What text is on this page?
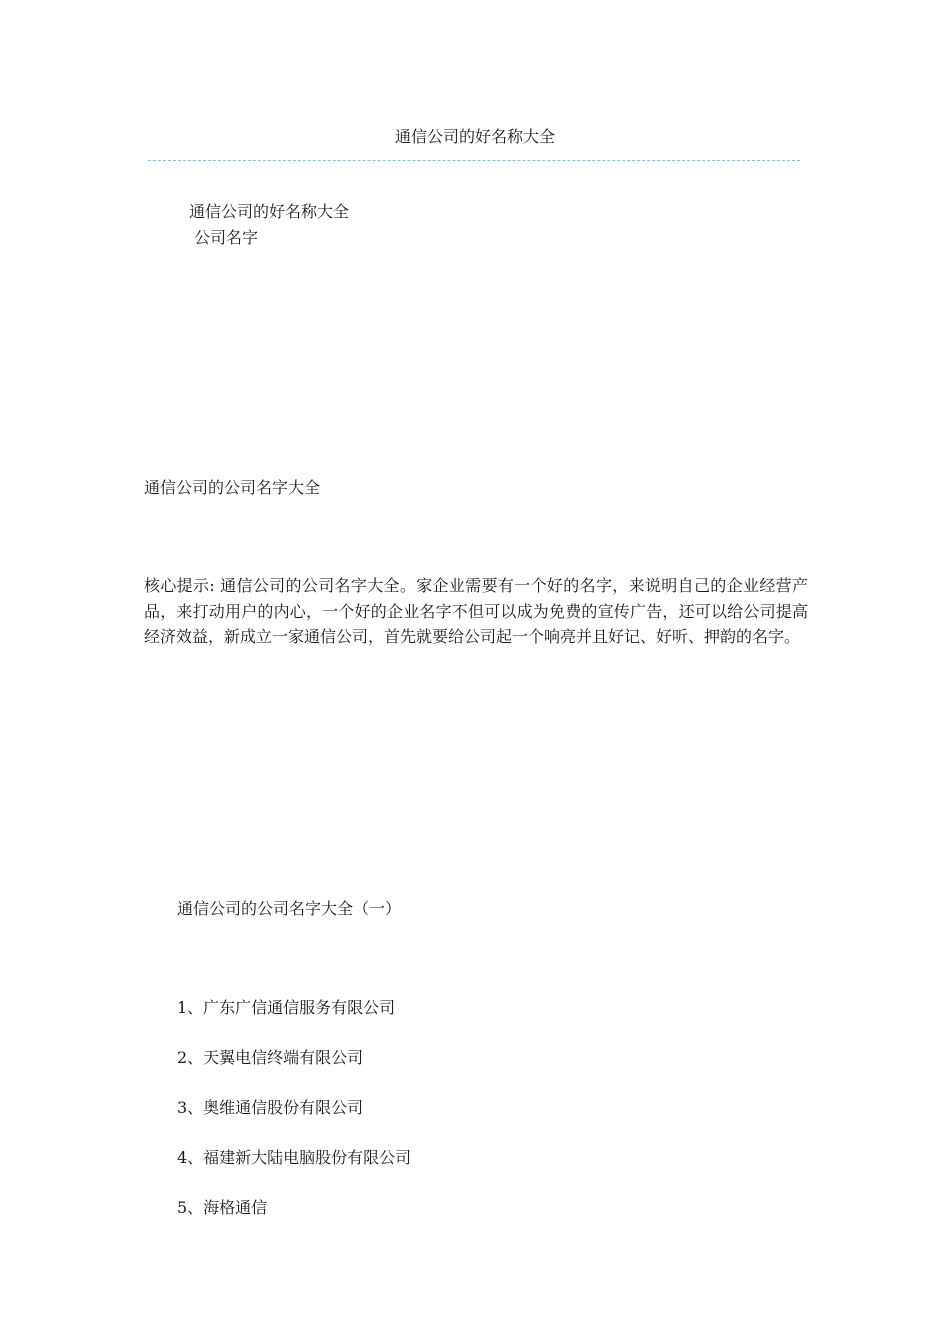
通信公司的好名称大全
通信公司的好名称大全
公司名字
通信公司的公司名字大全
核心提示: 通信公司的公司名字大全。家企业需要有一个好的名字，来说明自己的企业经营产品，来打动用户的内心，一个好的企业名字不但可以成为免费的宣传广告，还可以给公司提高经济效益，新成立一家通信公司，首先就要给公司起一个响亮并且好记、好听、押韵的名字。
通信公司的公司名字大全（一）
1、广东广信通信服务有限公司
2、天翼电信终端有限公司
3、奥维通信股份有限公司
4、福建新大陆电脑股份有限公司
5、海格通信
